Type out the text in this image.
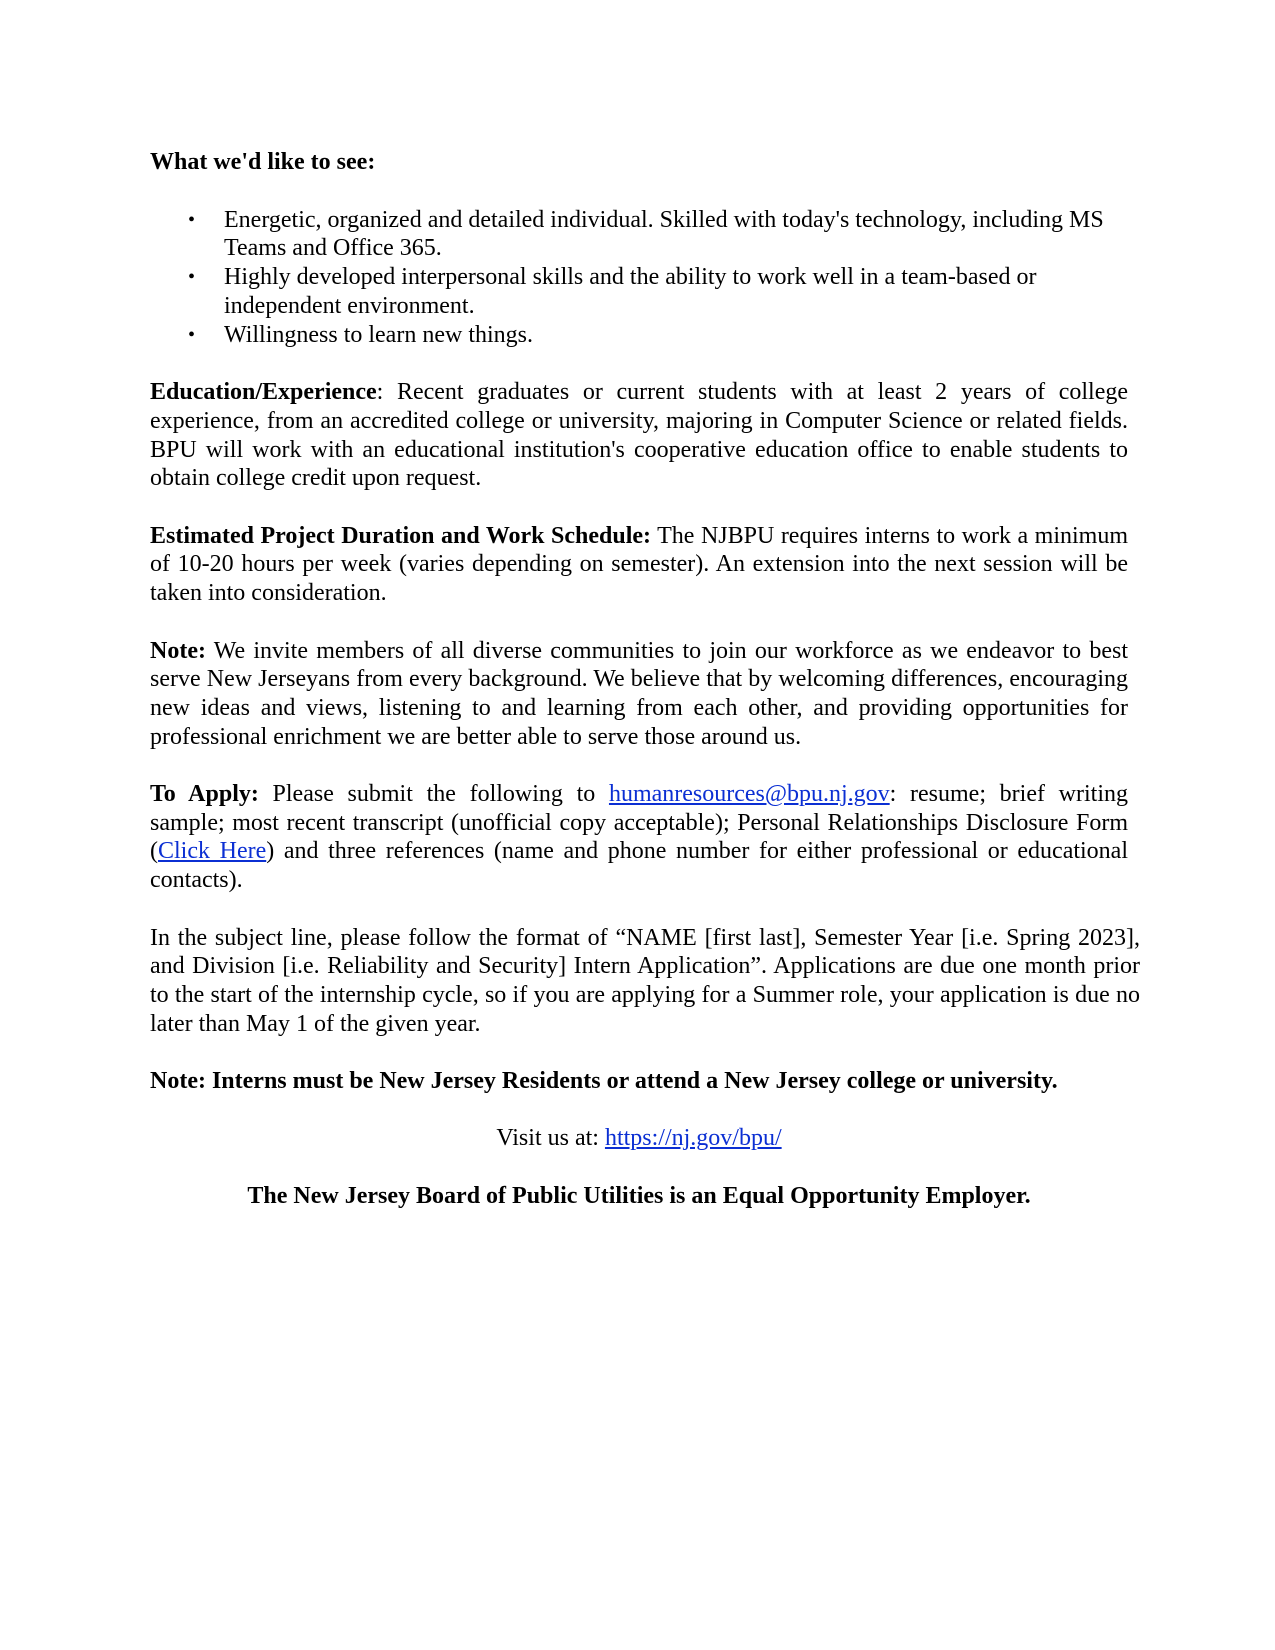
What we'd like to see:

• Energetic, organized and detailed individual. Skilled with today's technology, including MS Teams and Office 365.
• Highly developed interpersonal skills and the ability to work well in a team-based or independent environment.
• Willingness to learn new things.

Education/Experience: Recent graduates or current students with at least 2 years of college experience, from an accredited college or university, majoring in Computer Science or related fields. BPU will work with an educational institution's cooperative education office to enable students to obtain college credit upon request.

Estimated Project Duration and Work Schedule: The NJBPU requires interns to work a minimum of 10-20 hours per week (varies depending on semester). An extension into the next session will be taken into consideration.

Note: We invite members of all diverse communities to join our workforce as we endeavor to best serve New Jerseyans from every background. We believe that by welcoming differences, encouraging new ideas and views, listening to and learning from each other, and providing opportunities for professional enrichment we are better able to serve those around us.

To Apply: Please submit the following to humanresources@bpu.nj.gov: resume; brief writing sample; most recent transcript (unofficial copy acceptable); Personal Relationships Disclosure Form (Click Here) and three references (name and phone number for either professional or educational contacts).

In the subject line, please follow the format of “NAME [first last], Semester Year [i.e. Spring 2023], and Division [i.e. Reliability and Security] Intern Application”. Applications are due one month prior to the start of the internship cycle, so if you are applying for a Summer role, your application is due no later than May 1 of the given year.

Note: Interns must be New Jersey Residents or attend a New Jersey college or university.

Visit us at: https://nj.gov/bpu/

The New Jersey Board of Public Utilities is an Equal Opportunity Employer.
